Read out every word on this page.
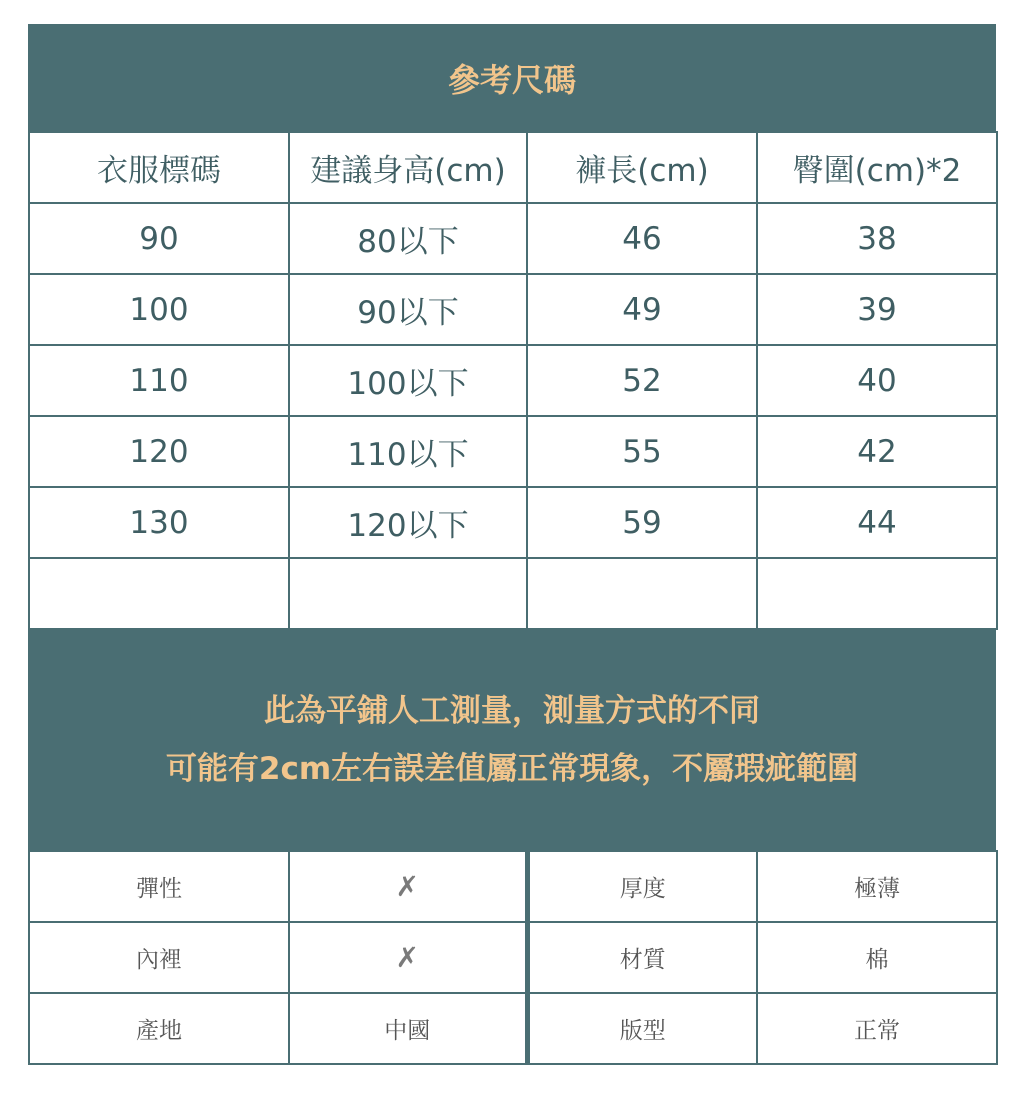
參考尺碼
衣服標碼	建議身高(cm)	褲長(cm)	臀圍(cm)*2
90	80以下	46	38
100	90以下	49	39
110	100以下	52	40
120	110以下	55	42
130	120以下	59	44

此為平鋪人工測量，測量方式的不同
可能有2cm左右誤差值屬正常現象，不屬瑕疵範圍
彈性	✗	厚度	極薄
內裡	✗	材質	棉
產地	中國	版型	正常
